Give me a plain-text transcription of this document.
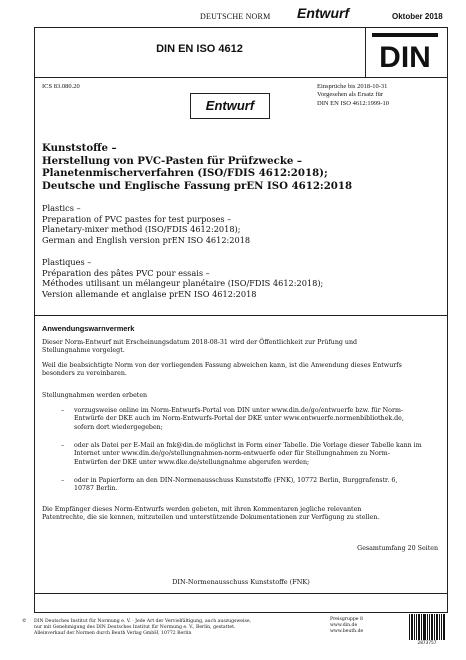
DEUTSCHE NORM Entwurf	Oktober 2018
DIN EN ISO 4612	DIN
ICS 83.080.20	Einsprüche bis 2018-10-31
Vorgesehen als Ersatz für
DIN EN ISO 4612:1999-10
Entwurf
Kunststoffe –
Herstellung von PVC-Pasten für Prüfzwecke –
Planetenmischerverfahren (ISO/FDIS 4612:2018);
Deutsche und Englische Fassung prEN ISO 4612:2018
Plastics –
Preparation of PVC pastes for test purposes –
Planetary-mixer method (ISO/FDIS 4612:2018);
German and English version prEN ISO 4612:2018
Plastiques –
Préparation des pâtes PVC pour essais –
Méthodes utilisant un mélangeur planétaire (ISO/FDIS 4612:2018);
Version allemande et anglaise prEN ISO 4612:2018
Anwendungswarnvermerk
Dieser Norm-Entwurf mit Erscheinungsdatum 2018-08-31 wird der Öffentlichkeit zur Prüfung und
Stellungnahme vorgelegt.
Weil die beabsichtigte Norm von der vorliegenden Fassung abweichen kann, ist die Anwendung dieses Entwurfs
besonders zu vereinbaren.
Stellungnahmen werden erbeten
– vorzugsweise online im Norm-Entwurfs-Portal von DIN unter www.din.de/go/entwuerfe bzw. für Norm-
Entwürfe der DKE auch im Norm-Entwurfs-Portal der DKE unter www.entwuerfe.normenbibliothek.de,
sofern dort wiedergegeben;
– oder als Datei per E-Mail an fnk@din.de möglichst in Form einer Tabelle. Die Vorlage dieser Tabelle kann im
Internet unter www.din.de/go/stellungnahmen-norm-entwuerfe oder für Stellungnahmen zu Norm-
Entwürfen der DKE unter www.dke.de/stellungnahme abgerufen werden;
– oder in Papierform an den DIN-Normenausschuss Kunststoffe (FNK), 10772 Berlin, Burggrafenstr. 6,
10787 Berlin.
Die Empfänger dieses Norm-Entwurfs werden gebeten, mit ihren Kommentaren jegliche relevanten
Patentrechte, die sie kennen, mitzuteilen und unterstützende Dokumentationen zur Verfügung zu stellen.
Gesamtumfang 20 Seiten
DIN-Normenausschuss Kunststoffe (FNK)
© DIN Deutsches Institut für Normung e. V. · Jede Art der Vervielfältigung, auch auszugsweise,
nur mit Genehmigung des DIN Deutsches Institut für Normung e. V., Berlin, gestattet.
Alleinverkauf der Normen durch Beuth Verlag GmbH, 10772 Berlin
Preisgruppe 8
www.din.de
www.beuth.de
2873757
